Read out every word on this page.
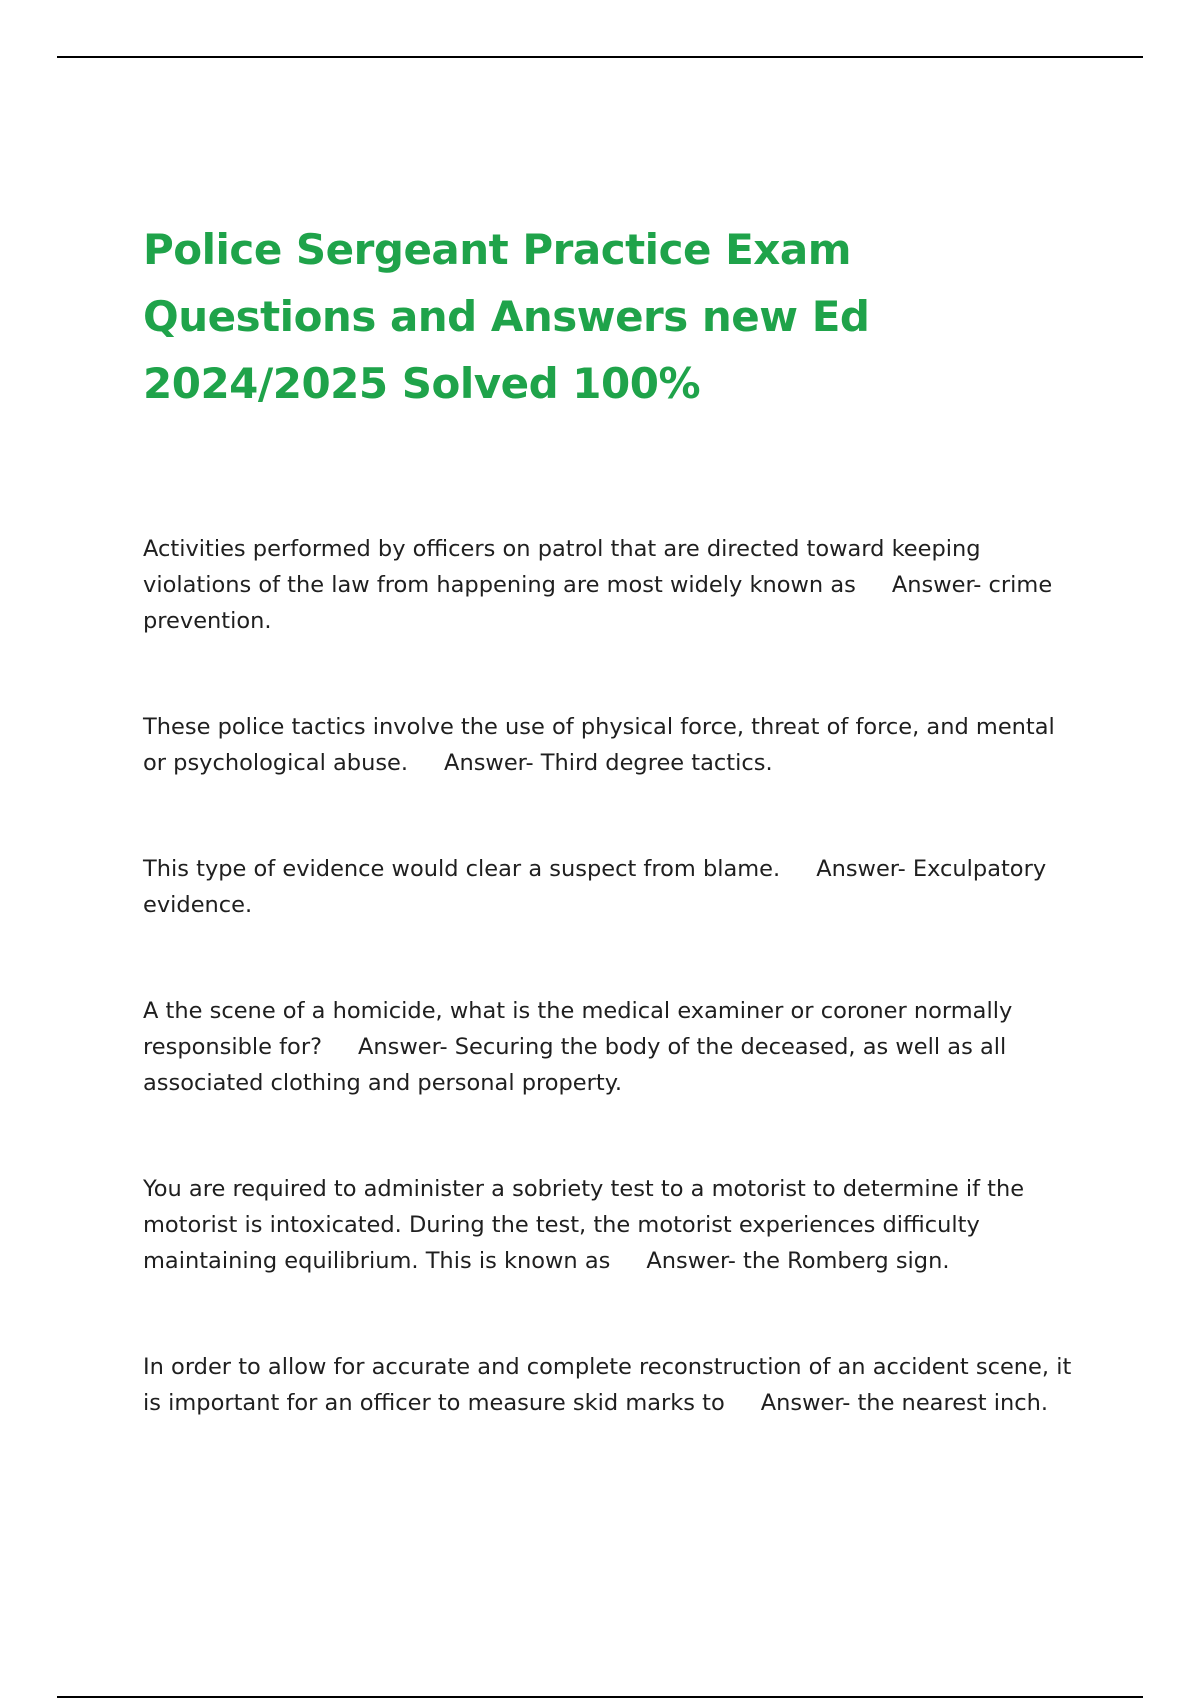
Police Sergeant Practice Exam Questions and Answers new Ed 2024/2025 Solved 100%

Activities performed by officers on patrol that are directed toward keeping violations of the law from happening are most widely known as Answer- crime prevention.

These police tactics involve the use of physical force, threat of force, and mental or psychological abuse. Answer- Third degree tactics.

This type of evidence would clear a suspect from blame. Answer- Exculpatory evidence.

A the scene of a homicide, what is the medical examiner or coroner normally responsible for? Answer- Securing the body of the deceased, as well as all associated clothing and personal property.

You are required to administer a sobriety test to a motorist to determine if the motorist is intoxicated. During the test, the motorist experiences difficulty maintaining equilibrium. This is known as Answer- the Romberg sign.

In order to allow for accurate and complete reconstruction of an accident scene, it is important for an officer to measure skid marks to Answer- the nearest inch.
